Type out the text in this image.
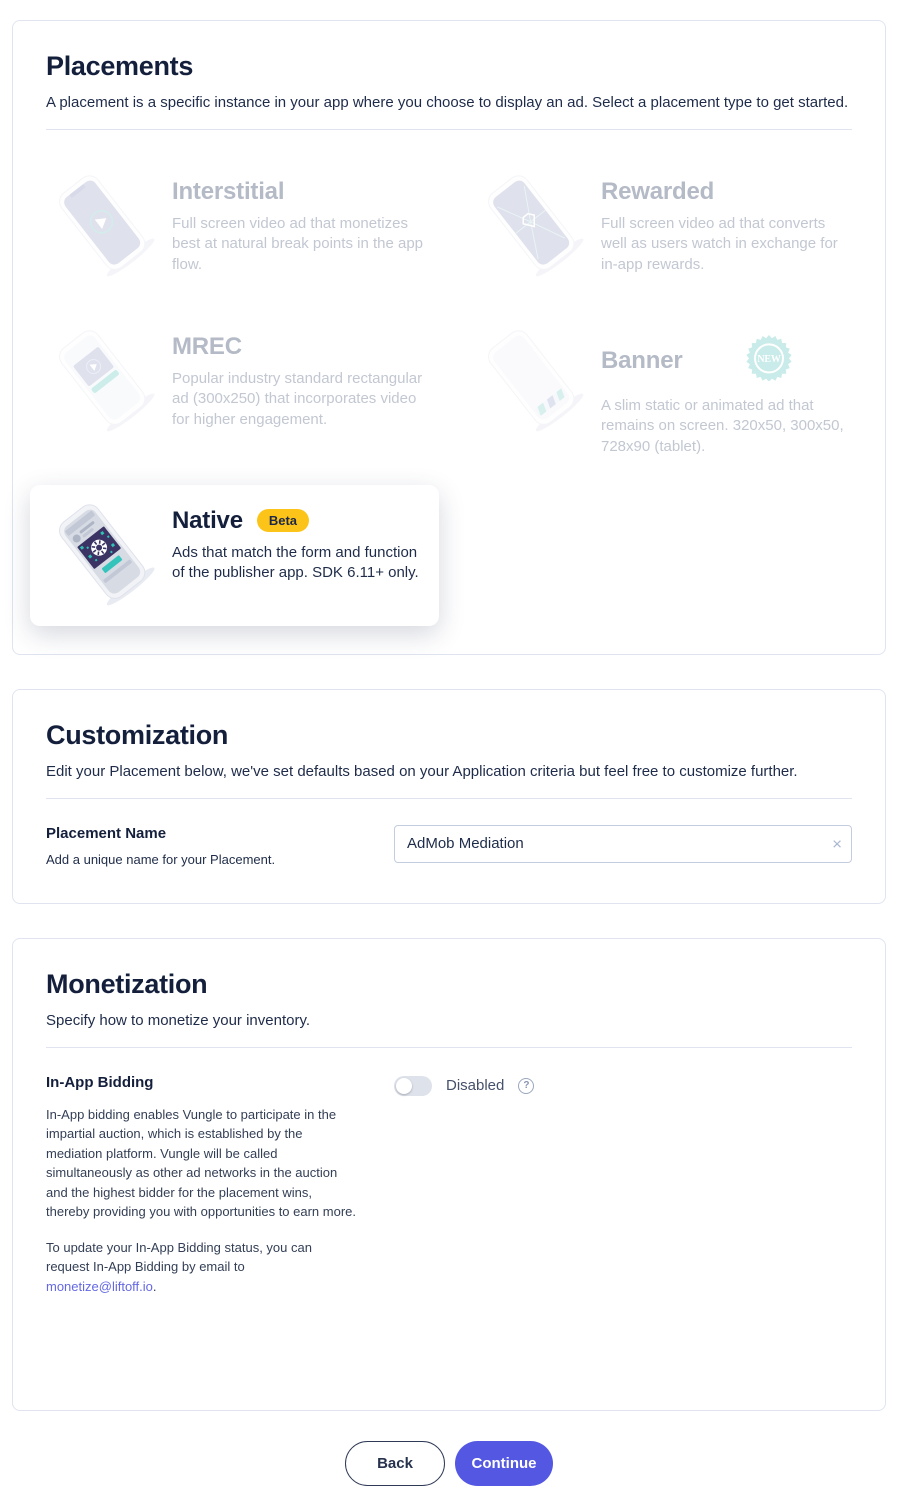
Placements

A placement is a specific instance in your app where you choose to display an ad. Select a placement type to get started.

Interstitial

Full screen video ad that monetizes best at natural break points in the app flow.

Rewarded

Full screen video ad that converts well as users watch in exchange for in-app rewards.

MREC

Popular industry standard rectangular ad (300x250) that incorporates video for higher engagement.

Banner	NEW

A slim static or animated ad that remains on screen. 320x50, 300x50, 728x90 (tablet).

Native	Beta

Ads that match the form and function of the publisher app. SDK 6.11+ only.

Customization

Edit your Placement below, we've set defaults based on your Application criteria but feel free to customize further.

Placement Name

Add a unique name for your Placement.

AdMob Mediation
×
Monetization

Specify how to monetize your inventory.

In-App Bidding

In-App bidding enables Vungle to participate in the impartial auction, which is established by the mediation platform. Vungle will be called simultaneously as other ad networks in the auction and the highest bidder for the placement wins, thereby providing you with opportunities to earn more.

To update your In-App Bidding status, you can request In-App Bidding by email to monetize@liftoff.io.

Disabled	?
Back	Continue
